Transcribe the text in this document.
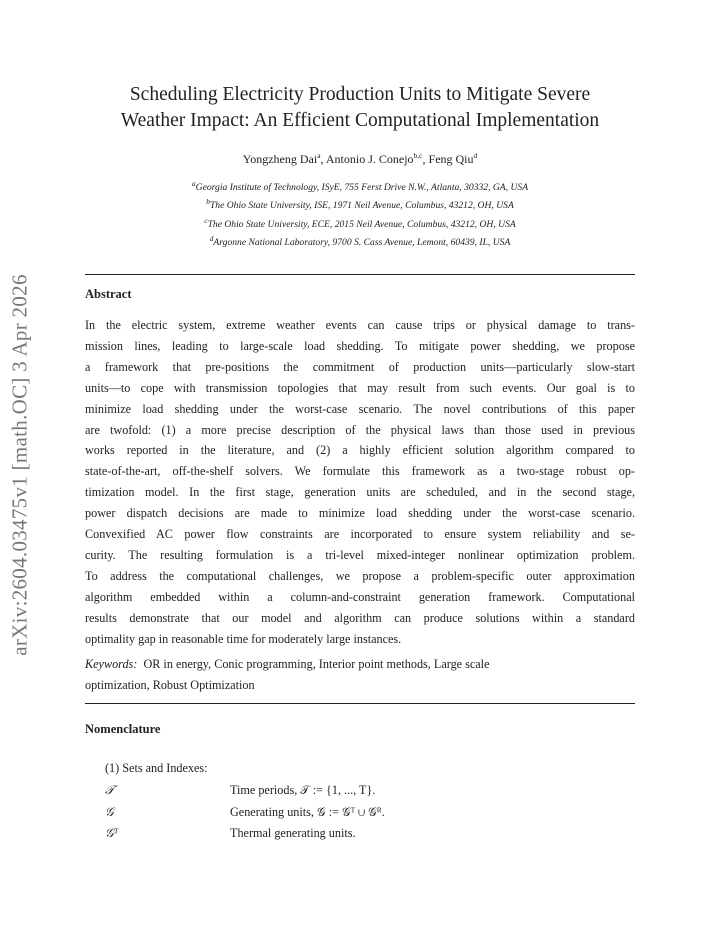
arXiv:2604.03475v1 [math.OC] 3 Apr 2026
Scheduling Electricity Production Units to Mitigate Severe
Weather Impact: An Efficient Computational Implementation
Yongzheng Dai$^a$, Antonio J. Conejo$^{b,c}$, Feng Qiu$^d$
$^a$Georgia Institute of Technology, ISyE, 755 Ferst Drive N.W., Atlanta, 30332, GA, USA
$^b$The Ohio State University, ISE, 1971 Neil Avenue, Columbus, 43212, OH, USA
$^c$The Ohio State University, ECE, 2015 Neil Avenue, Columbus, 43212, OH, USA
$^d$Argonne National Laboratory, 9700 S. Cass Avenue, Lemont, 60439, IL, USA
Abstract
In the electric system, extreme weather events can cause trips or physical damage to trans-
mission lines, leading to large-scale load shedding. To mitigate power shedding, we propose
a framework that pre-positions the commitment of production units—particularly slow-start
units—to cope with transmission topologies that may result from such events. Our goal is to
minimize load shedding under the worst-case scenario. The novel contributions of this paper
are twofold: (1) a more precise description of the physical laws than those used in previous
works reported in the literature, and (2) a highly efficient solution algorithm compared to
state-of-the-art, off-the-shelf solvers. We formulate this framework as a two-stage robust op-
timization model. In the first stage, generation units are scheduled, and in the second stage,
power dispatch decisions are made to minimize load shedding under the worst-case scenario.
Convexified AC power flow constraints are incorporated to ensure system reliability and se-
curity. The resulting formulation is a tri-level mixed-integer nonlinear optimization problem.
To address the computational challenges, we propose a problem-specific outer approximation
algorithm embedded within a column-and-constraint generation framework. Computational
results demonstrate that our model and algorithm can produce solutions within a standard
optimality gap in reasonable time for moderately large instances.
Keywords: OR in energy, Conic programming, Interior point methods, Large scale
optimization, Robust Optimization
Nomenclature
(1) Sets and Indexes:
𝒯	Time periods, 𝒯 := {1, ..., T}.
𝒢	Generating units, 𝒢 := 𝒢ᵀ ∪ 𝒢ᴿ.
𝒢ᵀ	Thermal generating units.
